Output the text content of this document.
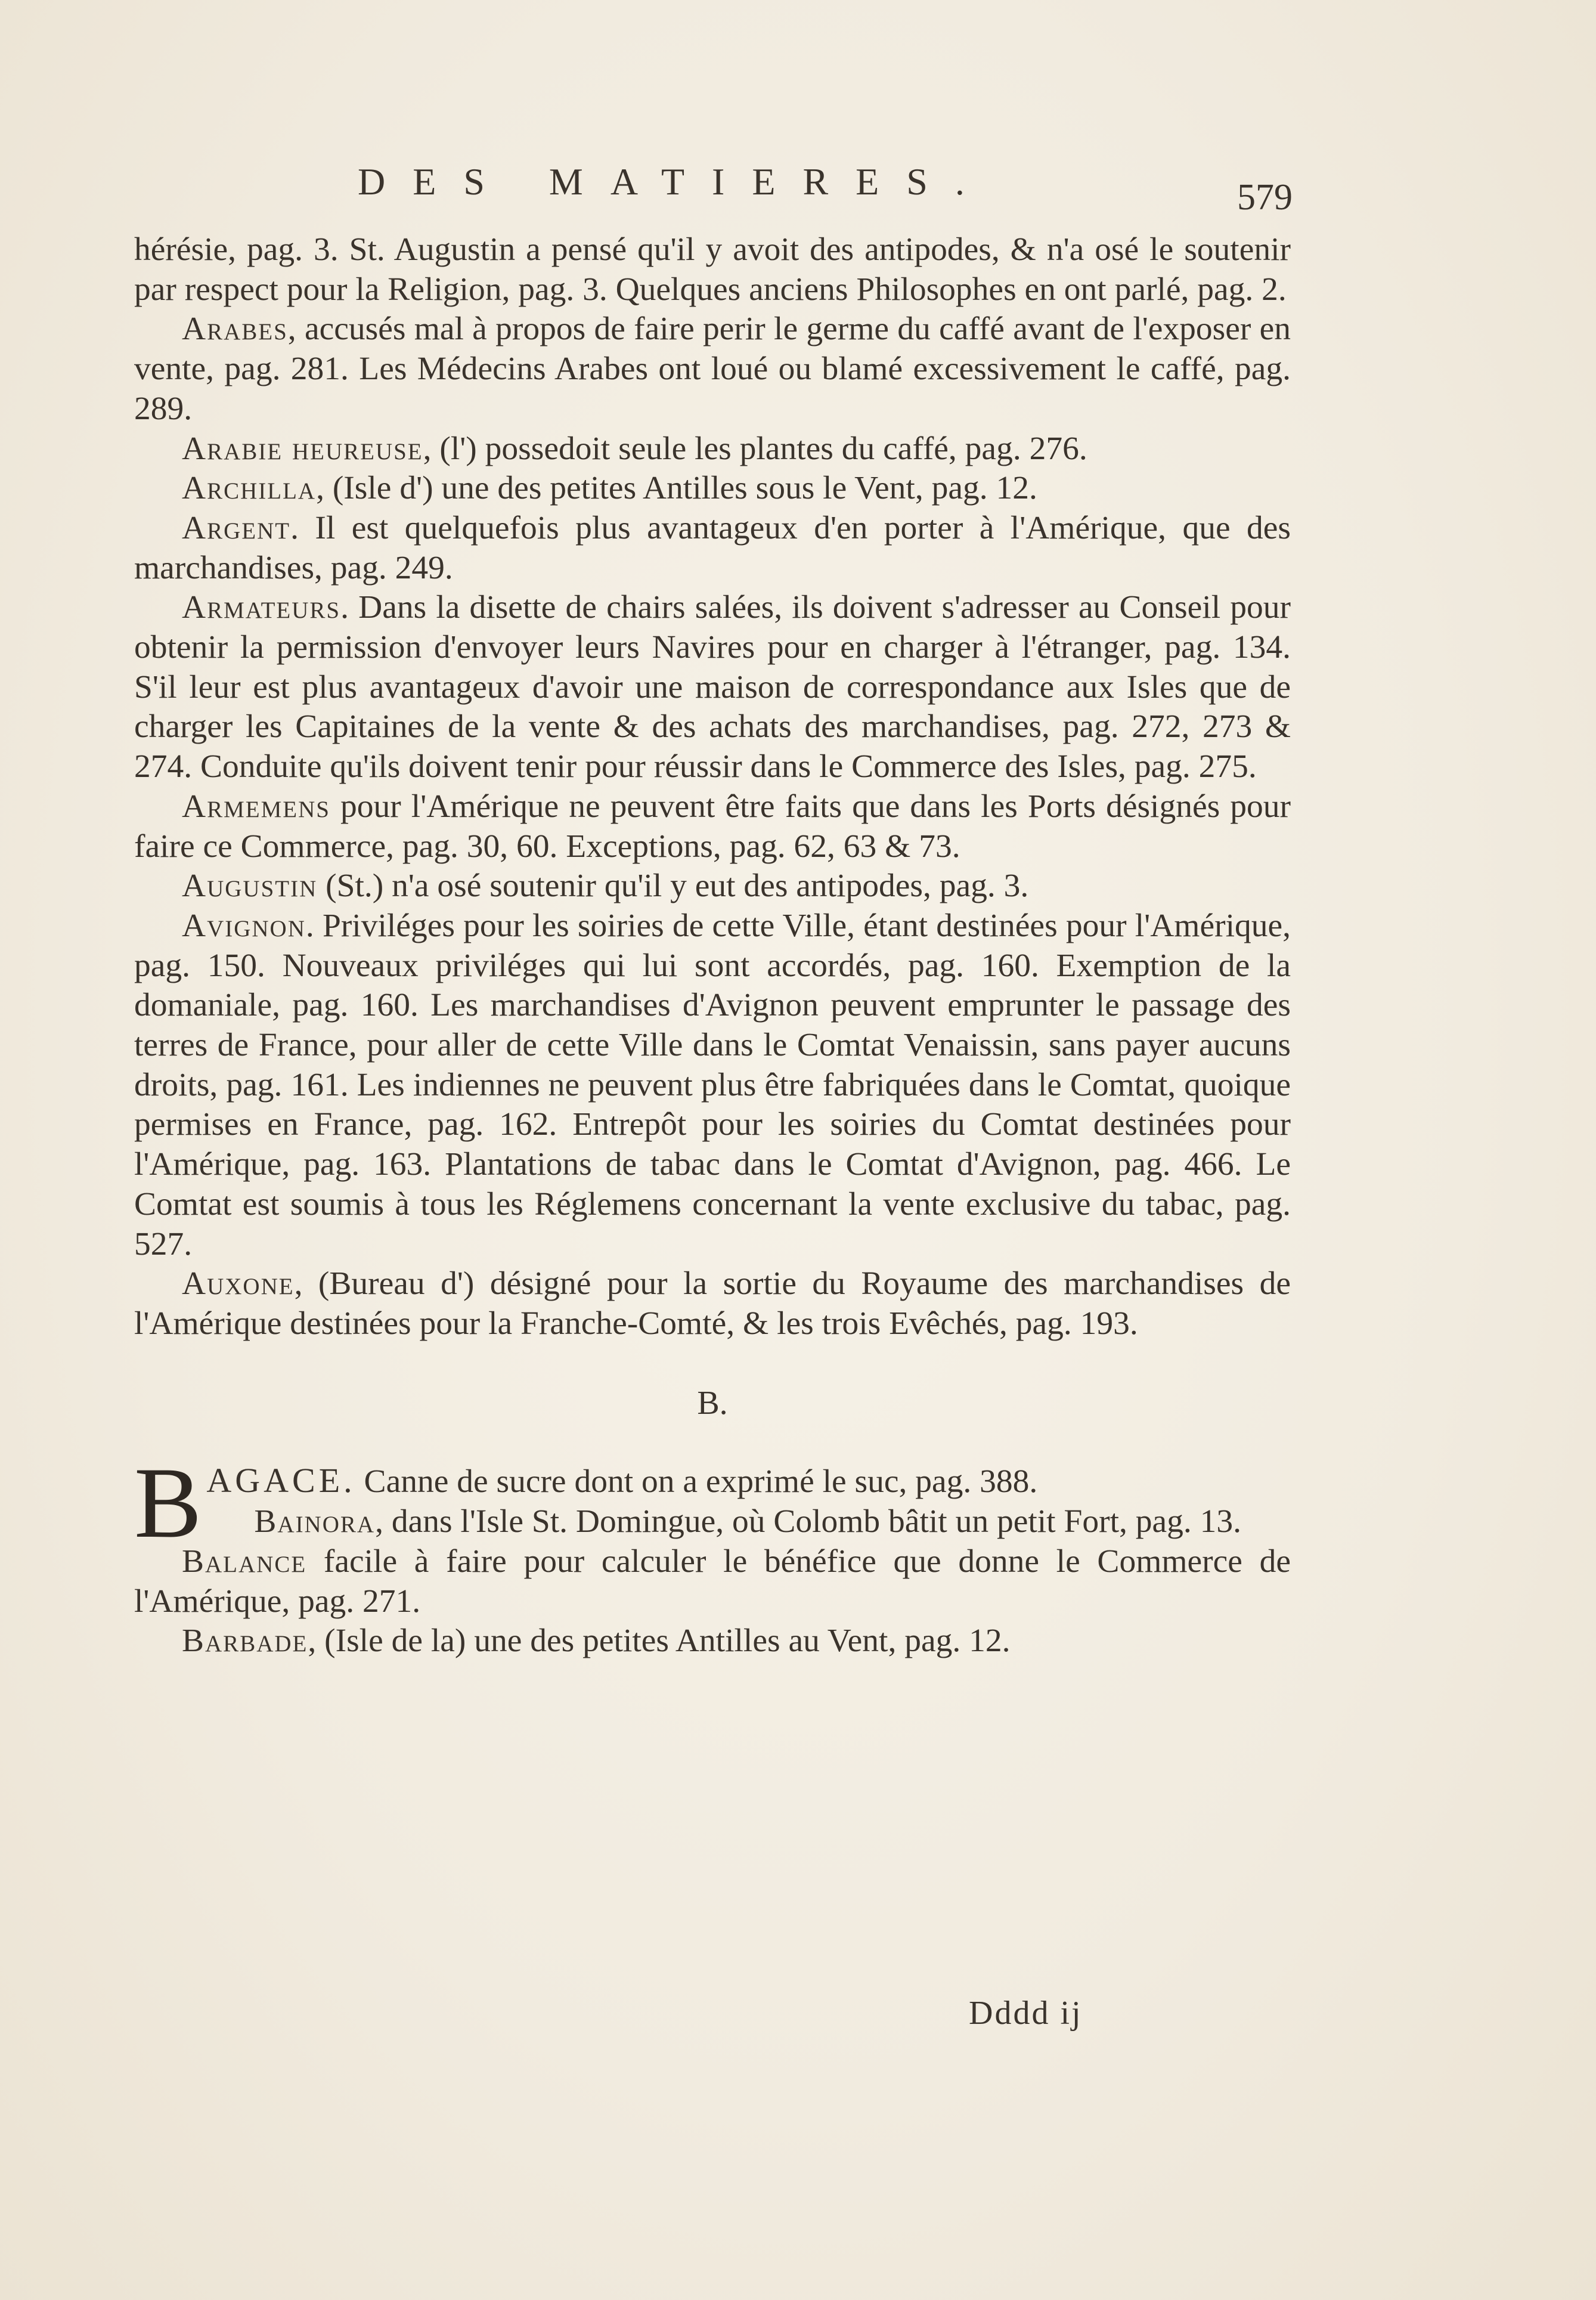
DES MATIERES.	579

hérésie, pag. 3. St. Augustin a pensé qu'il y avoit des antipodes, & n'a osé le soutenir par respect pour la Religion, pag. 3. Quelques anciens Philosophes en ont parlé, pag. 2.

Arabes, accusés mal à propos de faire perir le germe du caffé avant de l'exposer en vente, pag. 281. Les Médecins Arabes ont loué ou blamé excessivement le caffé, pag. 289.

Arabie heureuse, (l') possedoit seule les plantes du caffé, pag. 276.

Archilla, (Isle d') une des petites Antilles sous le Vent, pag. 12.

Argent. Il est quelquefois plus avantageux d'en porter à l'Amérique, que des marchandises, pag. 249.

Armateurs. Dans la disette de chairs salées, ils doivent s'adresser au Conseil pour obtenir la permission d'envoyer leurs Navires pour en charger à l'étranger, pag. 134. S'il leur est plus avantageux d'avoir une maison de correspondance aux Isles que de charger les Capitaines de la vente & des achats des marchandises, pag. 272, 273 & 274. Conduite qu'ils doivent tenir pour réussir dans le Commerce des Isles, pag. 275.

Armemens pour l'Amérique ne peuvent être faits que dans les Ports désignés pour faire ce Commerce, pag. 30, 60. Exceptions, pag. 62, 63 & 73.

Augustin (St.) n'a osé soutenir qu'il y eut des antipodes, pag. 3.

Avignon. Priviléges pour les soiries de cette Ville, étant destinées pour l'Amérique, pag. 150. Nouveaux priviléges qui lui sont accordés, pag. 160. Exemption de la domaniale, pag. 160. Les marchandises d'Avignon peuvent emprunter le passage des terres de France, pour aller de cette Ville dans le Comtat Venaissin, sans payer aucuns droits, pag. 161. Les indiennes ne peuvent plus être fabriquées dans le Comtat, quoique permises en France, pag. 162. Entrepôt pour les soiries du Comtat destinées pour l'Amérique, pag. 163. Plantations de tabac dans le Comtat d'Avignon, pag. 466. Le Comtat est soumis à tous les Réglemens concernant la vente exclusive du tabac, pag. 527.

Auxone, (Bureau d') désigné pour la sortie du Royaume des marchandises de l'Amérique destinées pour la Franche-Comté, & les trois Evêchés, pag. 193.

B.

BAGACE. Canne de sucre dont on a exprimé le suc, pag. 388.

Bainora, dans l'Isle St. Domingue, où Colomb bâtit un petit Fort, pag. 13.

Balance facile à faire pour calculer le bénéfice que donne le Commerce de l'Amérique, pag. 271.

Barbade, (Isle de la) une des petites Antilles au Vent, pag. 12.

Dddd ij
